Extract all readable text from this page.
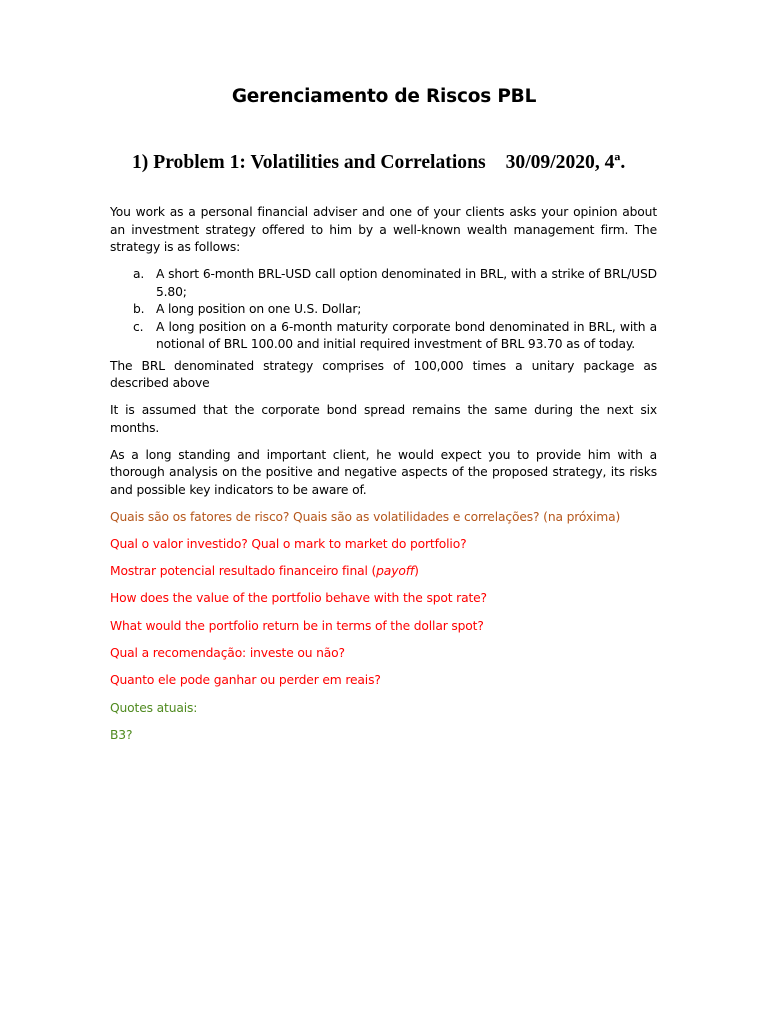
Gerenciamento de Riscos PBL
1) Problem 1: Volatilities and Correlations 30/09/2020, 4ª.

You work as a personal financial adviser and one of your clients asks your opinion about an investment strategy offered to him by a well-known wealth management firm. The strategy is as follows:

a. A short 6-month BRL-USD call option denominated in BRL, with a strike of BRL/USD 5.80;
b. A long position on one U.S. Dollar;
c. A long position on a 6-month maturity corporate bond denominated in BRL, with a notional of BRL 100.00 and initial required investment of BRL 93.70 as of today.

The BRL denominated strategy comprises of 100,000 times a unitary package as described above

It is assumed that the corporate bond spread remains the same during the next six months.

As a long standing and important client, he would expect you to provide him with a thorough analysis on the positive and negative aspects of the proposed strategy, its risks and possible key indicators to be aware of.

Quais são os fatores de risco? Quais são as volatilidades e correlações? (na próxima)

Qual o valor investido? Qual o mark to market do portfolio?

Mostrar potencial resultado financeiro final (payoff)

How does the value of the portfolio behave with the spot rate?

What would the portfolio return be in terms of the dollar spot?

Qual a recomendação: investe ou não?

Quanto ele pode ganhar ou perder em reais?

Quotes atuais:

B3?
